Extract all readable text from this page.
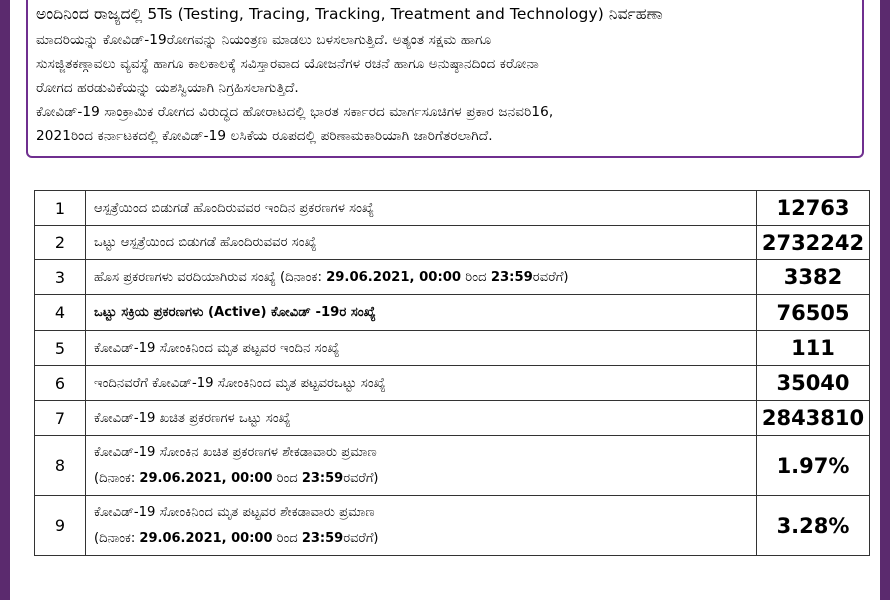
ಅಂದಿನಿಂದ ರಾಜ್ಯದಲ್ಲಿ 5Ts (Testing, Tracing, Tracking, Treatment and Technology) ನಿರ್ವಹಣಾ
ಮಾದರಿಯನ್ನು ಕೋವಿಡ್-19ರೋಗವನ್ನು ನಿಯಂತ್ರಣ ಮಾಡಲು ಬಳಸಲಾಗುತ್ತಿದೆ. ಅತ್ಯಂತ ಸಕ್ಷಮ ಹಾಗೂ
ಸುಸಜ್ಜಿತಕಣ್ಗಾವಲು ವ್ಯವಸ್ಥೆ ಹಾಗೂ ಕಾಲಕಾಲಕ್ಕೆ ಸವಿಸ್ತಾರವಾದ ಯೋಜನೆಗಳ ರಚನೆ ಹಾಗೂ ಅನುಷ್ಠಾನದಿಂದ ಕರೋನಾ
ರೋಗದ ಹರಡುವಿಕೆಯನ್ನು ಯಶಸ್ವಿಯಾಗಿ ನಿಗ್ರಹಿಸಲಾಗುತ್ತಿದೆ.
ಕೋವಿಡ್-19 ಸಾಂಕ್ರಾಮಿಕ ರೋಗದ ವಿರುದ್ಧದ ಹೋರಾಟದಲ್ಲಿ ಭಾರತ ಸರ್ಕಾರದ ಮಾರ್ಗಸೂಚಿಗಳ ಪ್ರಕಾರ ಜನವರಿ16,
2021ರಿಂದ ಕರ್ನಾಟಕದಲ್ಲಿ ಕೋವಿಡ್-19 ಲಸಿಕೆಯ ರೂಪದಲ್ಲಿ ಪರಿಣಾಮಕಾರಿಯಾಗಿ ಜಾರಿಗೆತರಲಾಗಿದೆ.
1	ಆಸ್ಪತ್ರೆಯಿಂದ ಬಿಡುಗಡೆ ಹೊಂದಿರುವವರ ಇಂದಿನ ಪ್ರಕರಣಗಳ ಸಂಖ್ಯೆ	12763
2	ಒಟ್ಟು ಆಸ್ಪತ್ರೆಯಿಂದ ಬಿಡುಗಡೆ ಹೊಂದಿರುವವರ ಸಂಖ್ಯೆ	2732242
3	ಹೊಸ ಪ್ರಕರಣಗಳು ವರದಿಯಾಗಿರುವ ಸಂಖ್ಯೆ (ದಿನಾಂಕ: 29.06.2021, 00:00 ರಿಂದ 23:59ರವರೆಗೆ)	3382
4	ಒಟ್ಟು ಸಕ್ರಿಯ ಪ್ರಕರಣಗಳು (Active) ಕೋವಿಡ್ -19ರ ಸಂಖ್ಯೆ	76505
5	ಕೋವಿಡ್-19 ಸೋಂಕಿನಿಂದ ಮೃತ ಪಟ್ಟವರ ಇಂದಿನ ಸಂಖ್ಯೆ	111
6	ಇಂದಿನವರೆಗೆ ಕೋವಿಡ್-19 ಸೋಂಕಿನಿಂದ ಮೃತ ಪಟ್ಟವರಒಟ್ಟು ಸಂಖ್ಯೆ	35040
7	ಕೋವಿಡ್-19 ಖಚಿತ ಪ್ರಕರಣಗಳ ಒಟ್ಟು ಸಂಖ್ಯೆ	2843810
8	ಕೋವಿಡ್-19 ಸೋಂಕಿನ ಖಚಿತ ಪ್ರಕರಣಗಳ ಶೇಕಡಾವಾರು ಪ್ರಮಾಣ
(ದಿನಾಂಕ: 29.06.2021, 00:00 ರಿಂದ 23:59ರವರೆಗೆ)	1.97%
9	ಕೋವಿಡ್-19 ಸೋಂಕಿನಿಂದ ಮೃತ ಪಟ್ಟವರ ಶೇಕಡಾವಾರು ಪ್ರಮಾಣ
(ದಿನಾಂಕ: 29.06.2021, 00:00 ರಿಂದ 23:59ರವರೆಗೆ)	3.28%
